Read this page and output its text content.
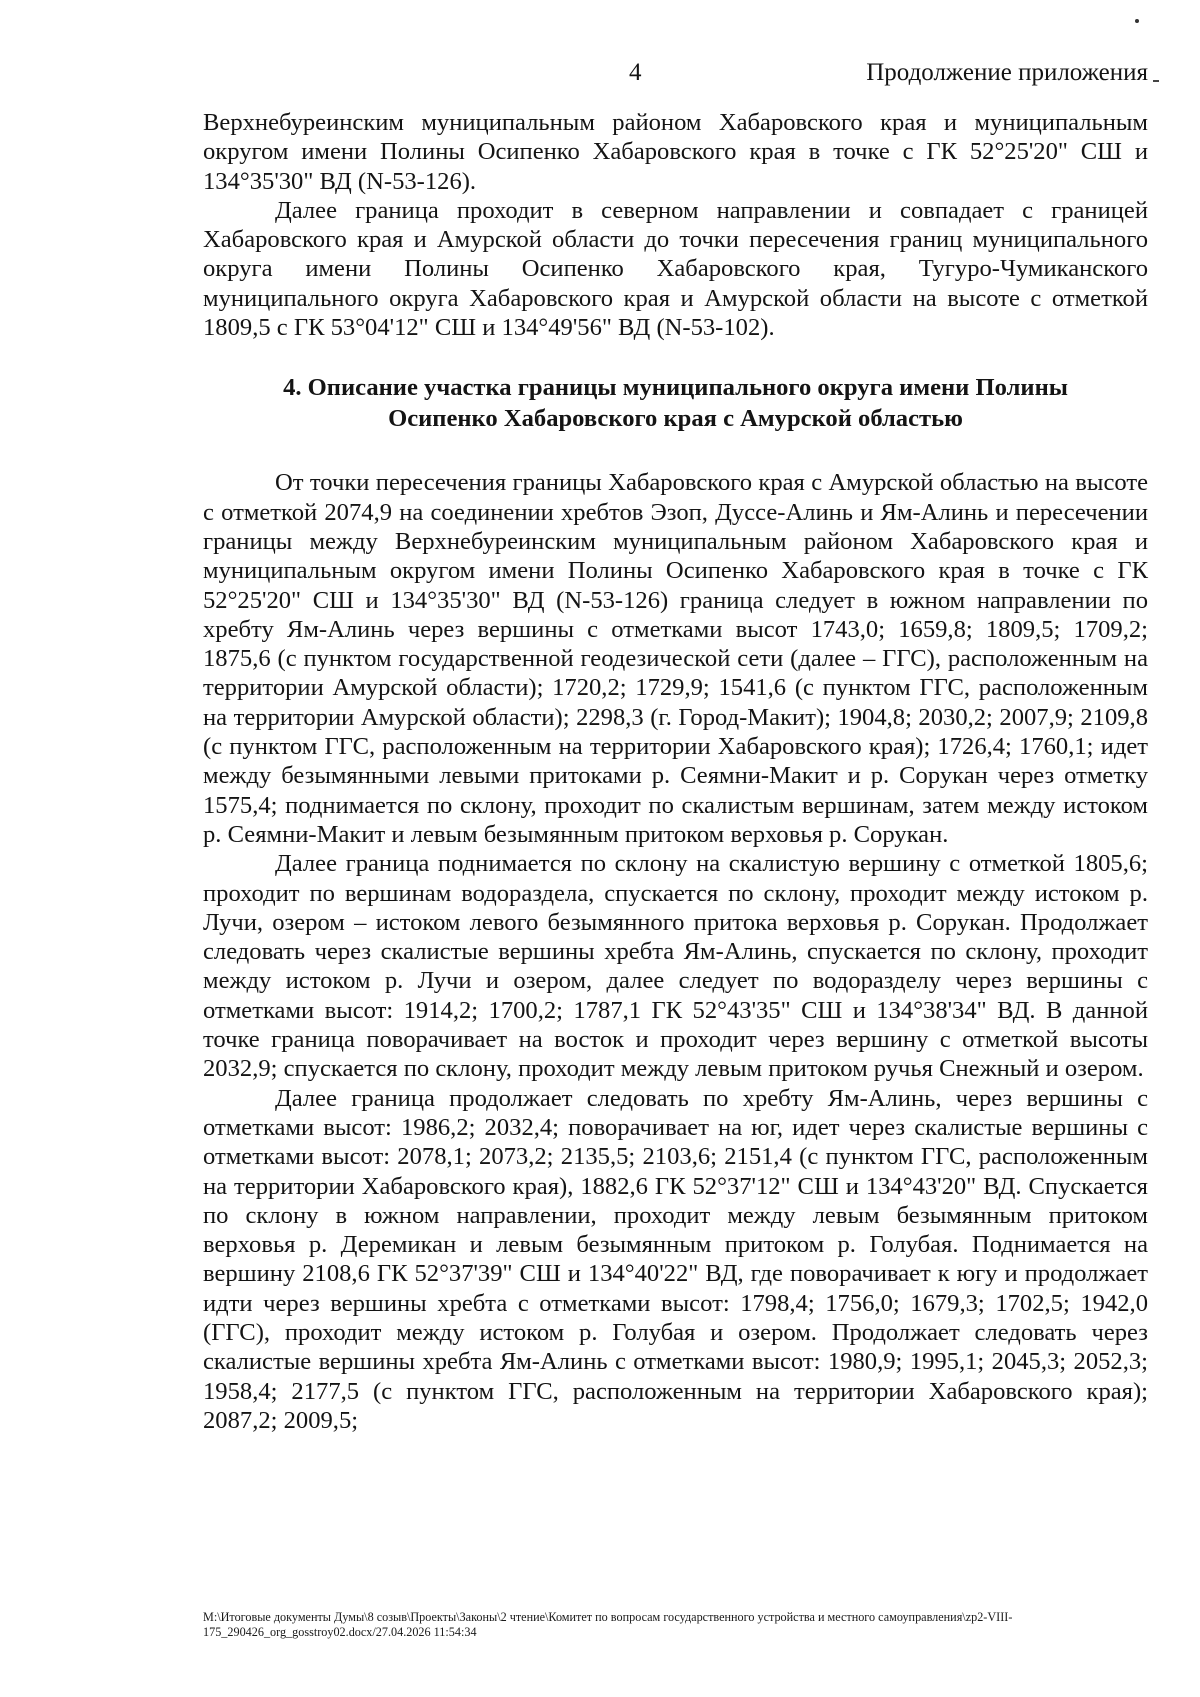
4	Продолжение приложения

Верхнебуреинским муниципальным районом Хабаровского края и муниципальным округом имени Полины Осипенко Хабаровского края в точке с ГК 52°25'20" СШ и 134°35'30" ВД (N-53-126).

Далее граница проходит в северном направлении и совпадает с границей Хабаровского края и Амурской области до точки пересечения границ муниципального округа имени Полины Осипенко Хабаровского края, Тугуро-Чумиканского муниципального округа Хабаровского края и Амурской области на высоте с отметкой 1809,5 с ГК 53°04'12" СШ и 134°49'56" ВД (N-53-102).

4. Описание участка границы муниципального округа имени Полины
Осипенко Хабаровского края с Амурской областью

От точки пересечения границы Хабаровского края с Амурской областью на высоте с отметкой 2074,9 на соединении хребтов Эзоп, Дуссе-Алинь и Ям-Алинь и пересечении границы между Верхнебуреинским муниципальным районом Хабаровского края и муниципальным округом имени Полины Осипенко Хабаровского края в точке с ГК 52°25'20" СШ и 134°35'30" ВД (N-53-126) граница следует в южном направлении по хребту Ям-Алинь через вершины с отметками высот 1743,0; 1659,8; 1809,5; 1709,2; 1875,6 (с пунктом государственной геодезической сети (далее – ГГС), расположенным на территории Амурской области); 1720,2; 1729,9; 1541,6 (с пунктом ГГС, расположенным на территории Амурской области); 2298,3 (г. Город-Макит); 1904,8; 2030,2; 2007,9; 2109,8 (с пунктом ГГС, расположенным на территории Хабаровского края); 1726,4; 1760,1; идет между безымянными левыми притоками р. Сеямни-Макит и р. Сорукан через отметку 1575,4; поднимается по склону, проходит по скалистым вершинам, затем между истоком р. Сеямни-Макит и левым безымянным притоком верховья р. Сорукан.

Далее граница поднимается по склону на скалистую вершину с отметкой 1805,6; проходит по вершинам водораздела, спускается по склону, проходит между истоком р. Лучи, озером – истоком левого безымянного притока верховья р. Сорукан. Продолжает следовать через скалистые вершины хребта Ям-Алинь, спускается по склону, проходит между истоком р. Лучи и озером, далее следует по водоразделу через вершины с отметками высот: 1914,2; 1700,2; 1787,1 ГК 52°43'35" СШ и 134°38'34" ВД. В данной точке граница поворачивает на восток и проходит через вершину с отметкой высоты 2032,9; спускается по склону, проходит между левым притоком ручья Снежный и озером.

Далее граница продолжает следовать по хребту Ям-Алинь, через вершины с отметками высот: 1986,2; 2032,4; поворачивает на юг, идет через скалистые вершины с отметками высот: 2078,1; 2073,2; 2135,5; 2103,6; 2151,4 (с пунктом ГГС, расположенным на территории Хабаровского края), 1882,6 ГК 52°37'12" СШ и 134°43'20" ВД. Спускается по склону в южном направлении, проходит между левым безымянным притоком верховья р. Деремикан и левым безымянным притоком р. Голубая. Поднимается на вершину 2108,6 ГК 52°37'39" СШ и 134°40'22" ВД, где поворачивает к югу и продолжает идти через вершины хребта с отметками высот: 1798,4; 1756,0; 1679,3; 1702,5; 1942,0 (ГГС), проходит между истоком р. Голубая и озером. Продолжает следовать через скалистые вершины хребта Ям-Алинь с отметками высот: 1980,9; 1995,1; 2045,3; 2052,3; 1958,4; 2177,5 (с пунктом ГГС, расположенным на территории Хабаровского края); 2087,2; 2009,5;

M:\Итоговые документы Думы\8 созыв\Проекты\Законы\2 чтение\Комитет по вопросам государственного устройства и местного самоуправления\zp2-VIII-175_290426_org_gosstroy02.docx/27.04.2026 11:54:34
